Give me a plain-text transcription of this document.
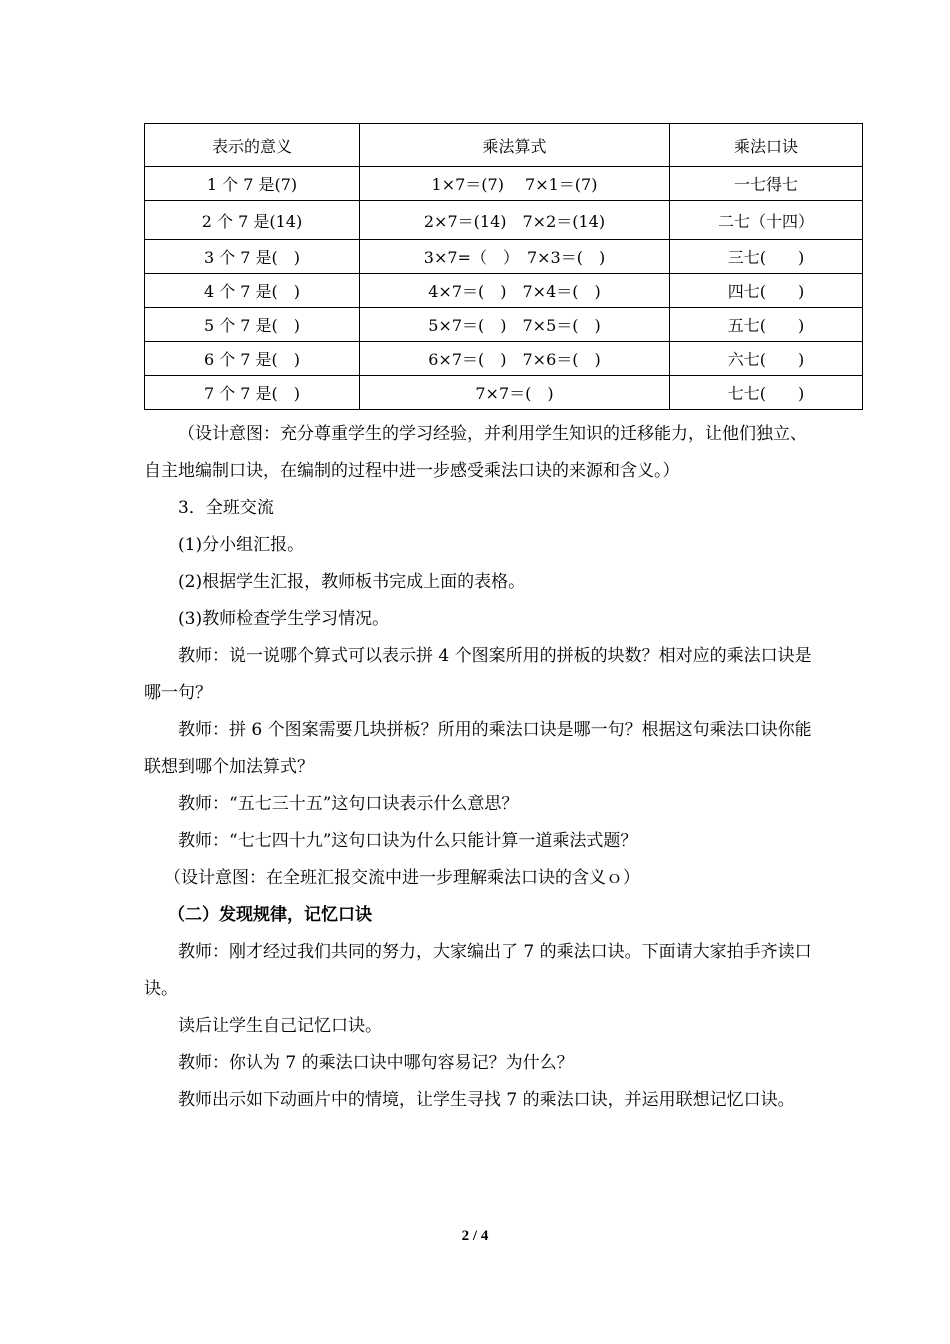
表示的意义	乘法算式	乘法口诀
1 个 7 是(7)	1×7＝(7)　 7×1＝(7)	一七得七
2 个 7 是(14)	2×7＝(14)　7×2＝(14)	二七（十四）
3 个 7 是(　)	3×7=（　）　7×3＝(　)	三七(　　)
4 个 7 是(　)	4×7＝(　)　7×4＝(　)	四七(　　)
5 个 7 是(　)	5×7＝(　)　7×5＝(　)	五七(　　)
6 个 7 是(　)	6×7＝(　)　7×6＝(　)	六七(　　)
7 个 7 是(　)	7×7＝(　)	七七(　　)

（设计意图：充分尊重学生的学习经验，并利用学生知识的迁移能力，让他们独立、自主地编制口诀，在编制的过程中进一步感受乘法口诀的来源和含义。）

3．全班交流

(1)分小组汇报。

(2)根据学生汇报，教师板书完成上面的表格。

(3)教师检查学生学习情况。

教师：说一说哪个算式可以表示拼 4 个图案所用的拼板的块数？相对应的乘法口诀是哪一句？

教师：拼 6 个图案需要几块拼板？所用的乘法口诀是哪一句？根据这句乘法口诀你能联想到哪个加法算式？

教师：“五七三十五”这句口诀表示什么意思？

教师：“七七四十九”这句口诀为什么只能计算一道乘法式题？

（设计意图：在全班汇报交流中进一步理解乘法口诀的含义ｏ）

（二）发现规律，记忆口诀

教师：刚才经过我们共同的努力，大家编出了 7 的乘法口诀。下面请大家拍手齐读口诀。

读后让学生自己记忆口诀。

教师：你认为 7 的乘法口诀中哪句容易记？为什么？

教师出示如下动画片中的情境，让学生寻找 7 的乘法口诀，并运用联想记忆口诀。

2 / 4
